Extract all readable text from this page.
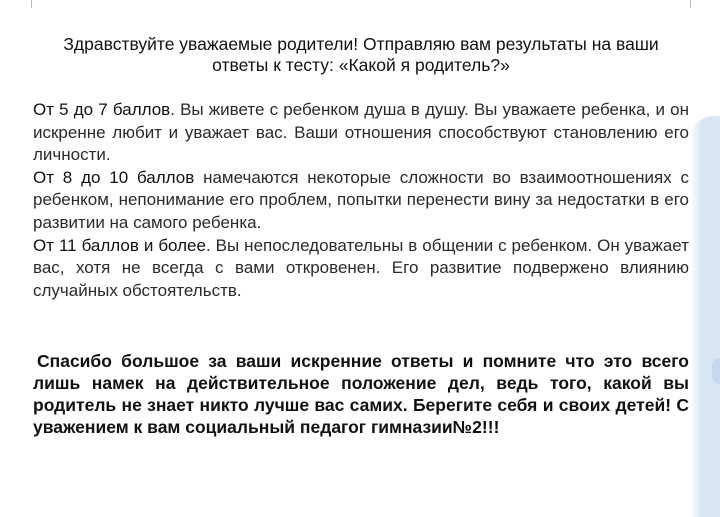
Здравствуйте уважаемые родители! Отправляю вам результаты на ваши ответы к тесту: «Какой я родитель?»

От 5 до 7 баллов. Вы живете с ребенком душа в душу. Вы уважаете ребенка, и он искренне любит и уважает вас. Ваши отношения способствуют становлению его личности.

От 8 до 10 баллов намечаются некоторые сложности во взаимоотношениях с ребенком, непонимание его проблем, попытки перенести вину за недостатки в его развитии на самого ребенка.

От 11 баллов и более. Вы непоследовательны в общении с ребенком. Он уважает вас, хотя не всегда с вами откровенен. Его развитие подвержено влиянию случайных обстоятельств.

Спасибо большое за ваши искренние ответы и помните что это всего лишь намек на действительное положение дел, ведь того, какой вы родитель не знает никто лучше вас самих. Берегите себя и своих детей! С уважением к вам социальный педагог гимназии№2!!!
